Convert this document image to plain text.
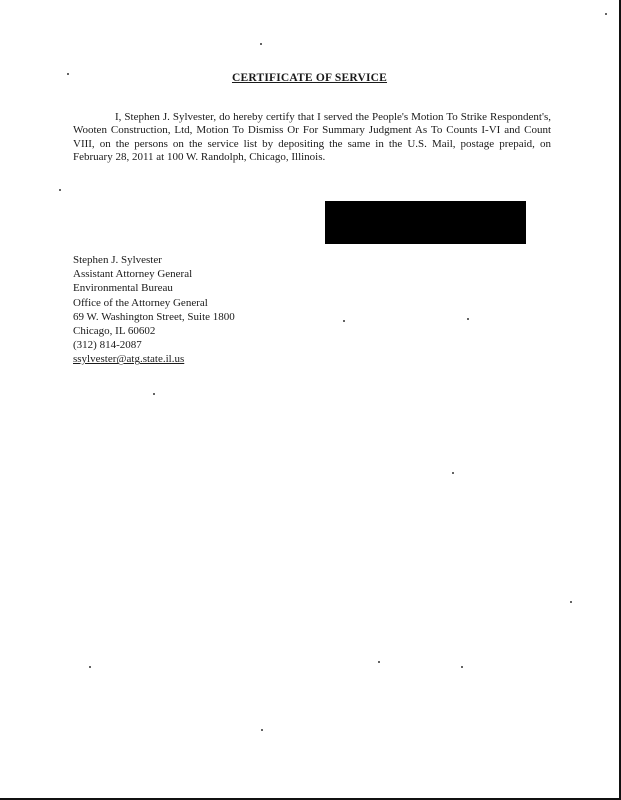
CERTIFICATE OF SERVICE
I, Stephen J. Sylvester, do hereby certify that I served the People's Motion To Strike Respondent's, Wooten Construction, Ltd, Motion To Dismiss Or For Summary Judgment As To Counts I-VI and Count VIII, on the persons on the service list by depositing the same in the U.S. Mail, postage prepaid, on February 28, 2011 at 100 W. Randolph, Chicago, Illinois.
Stephen J. Sylvester
Assistant Attorney General
Environmental Bureau
Office of the Attorney General
69 W. Washington Street, Suite 1800
Chicago, IL 60602
(312) 814-2087
ssylvester@atg.state.il.us
